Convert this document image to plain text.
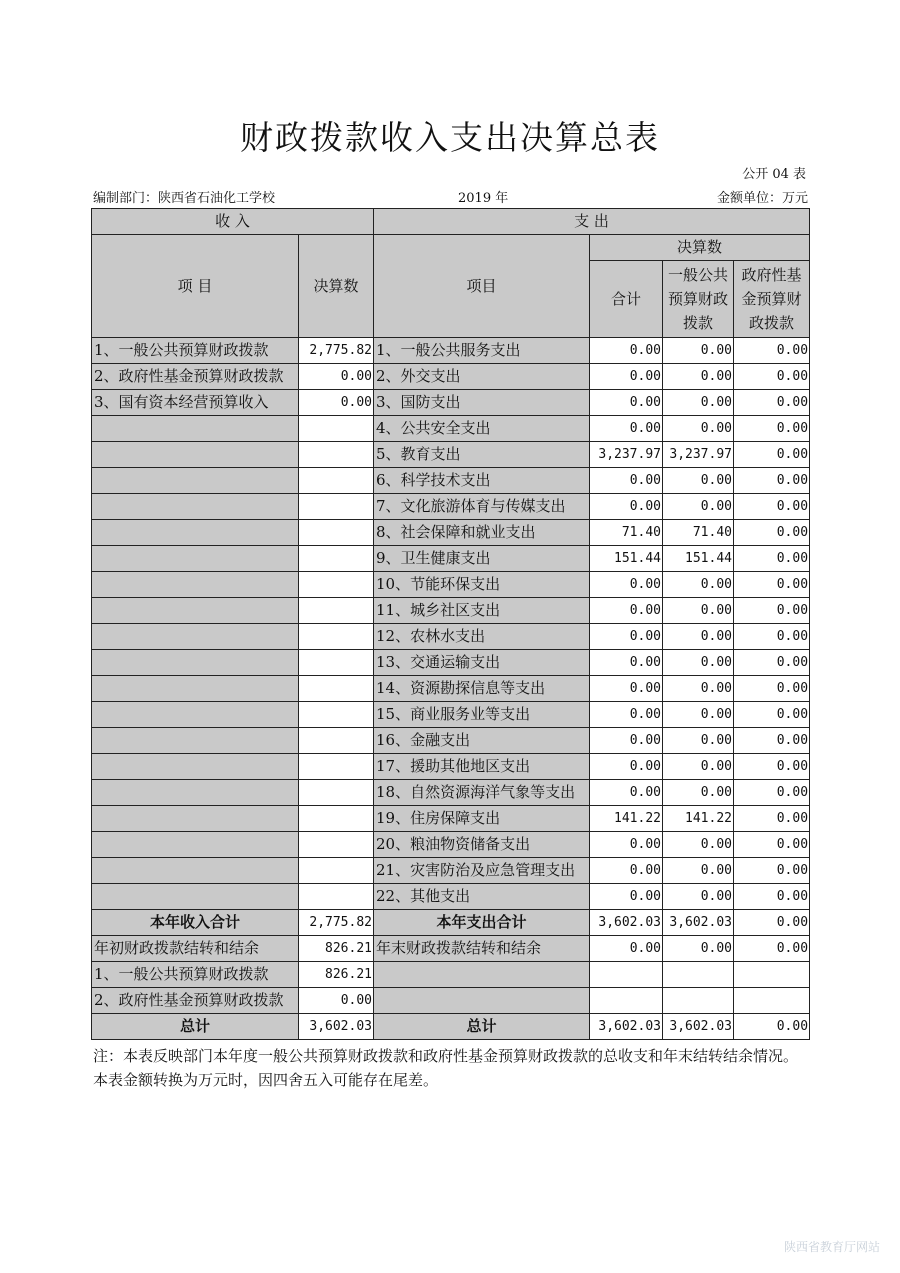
财政拨款收入支出决算总表
公开 04 表
编制部门：陕西省石油化工学校	2019 年	金额单位：万元
收 入		支 出			
项 目	决算数	项目	决算数		
			合计	一般公共预算财政拨款	政府性基金预算财政拨款
1、一般公共预算财政拨款	2,775.82	1、一般公共服务支出	0.00	0.00	0.00
2、政府性基金预算财政拨款	0.00	2、外交支出	0.00	0.00	0.00
3、国有资本经营预算收入	0.00	3、国防支出	0.00	0.00	0.00
		4、公共安全支出	0.00	0.00	0.00
		5、教育支出	3,237.97	3,237.97	0.00
		6、科学技术支出	0.00	0.00	0.00
		7、文化旅游体育与传媒支出	0.00	0.00	0.00
		8、社会保障和就业支出	71.40	71.40	0.00
		9、卫生健康支出	151.44	151.44	0.00
		10、节能环保支出	0.00	0.00	0.00
		11、城乡社区支出	0.00	0.00	0.00
		12、农林水支出	0.00	0.00	0.00
		13、交通运输支出	0.00	0.00	0.00
		14、资源勘探信息等支出	0.00	0.00	0.00
		15、商业服务业等支出	0.00	0.00	0.00
		16、金融支出	0.00	0.00	0.00
		17、援助其他地区支出	0.00	0.00	0.00
		18、自然资源海洋气象等支出	0.00	0.00	0.00
		19、住房保障支出	141.22	141.22	0.00
		20、粮油物资储备支出	0.00	0.00	0.00
		21、灾害防治及应急管理支出	0.00	0.00	0.00
		22、其他支出	0.00	0.00	0.00
本年收入合计	2,775.82	本年支出合计	3,602.03	3,602.03	0.00
年初财政拨款结转和结余	826.21	年末财政拨款结转和结余	0.00	0.00	0.00
1、一般公共预算财政拨款	826.21				
2、政府性基金预算财政拨款	0.00				
总计	3,602.03	总计	3,602.03	3,602.03	0.00
注：本表反映部门本年度一般公共预算财政拨款和政府性基金预算财政拨款的总收支和年末结转结余情况。本表金额转换为万元时，因四舍五入可能存在尾差。
陕西省教育厅网站
